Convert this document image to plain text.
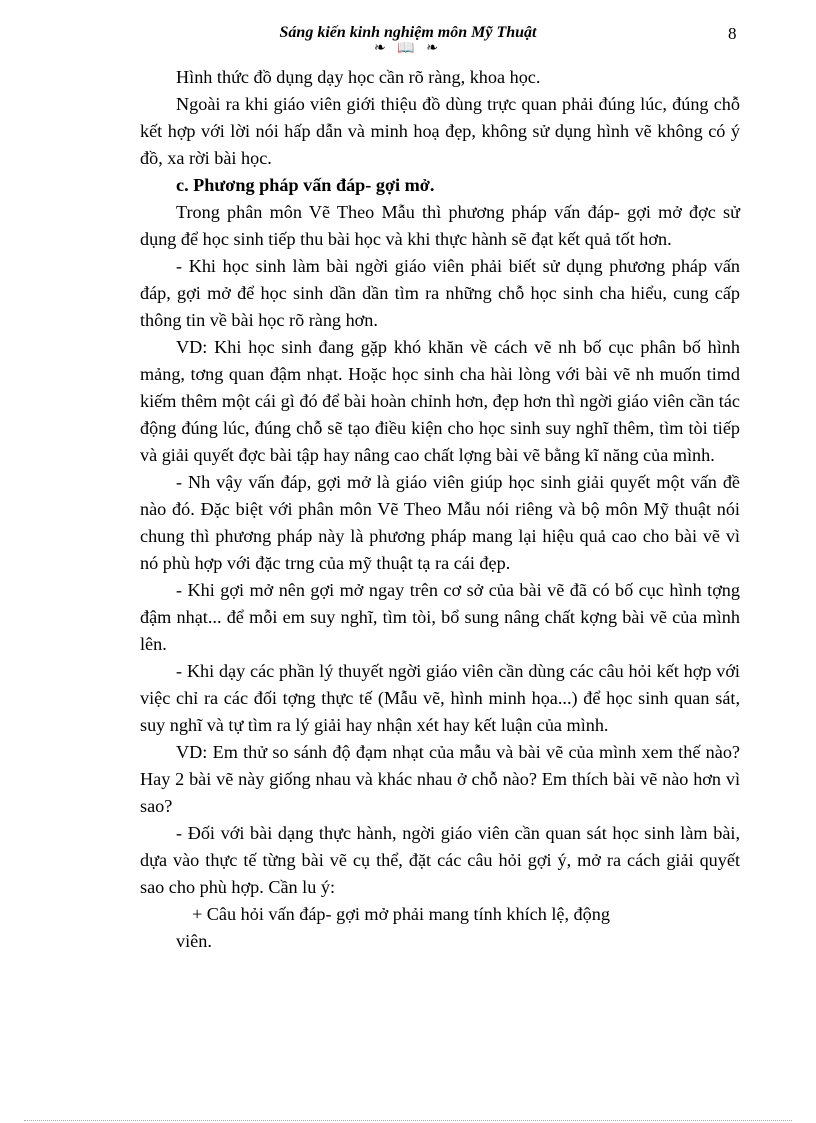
Sáng kiến kinh nghiệm môn Mỹ Thuật	8
❧ 📖 ❧

Hình thức đồ dụng dạy học cần rõ ràng, khoa học.

Ngoài ra khi giáo viên giới thiệu đồ dùng trực quan phải đúng lúc, đúng chỗ kết hợp với lời nói hấp dẫn và minh hoạ đẹp, không sử dụng hình vẽ không có ý đồ, xa rời bài học.

c. Phương pháp vấn đáp- gợi mở.

Trong phân môn Vẽ Theo Mẫu thì phương pháp vấn đáp- gợi mở đợc sử dụng để học sinh tiếp thu bài học và khi thực hành sẽ đạt kết quả tốt hơn.

- Khi học sinh làm bài ngời giáo viên phải biết sử dụng phương pháp vấn đáp, gợi mở để học sinh dần dần tìm ra những chỗ học sinh cha hiểu, cung cấp thông tin về bài học rõ ràng hơn.

VD: Khi học sinh đang gặp khó khăn về cách vẽ nh bố cục phân bố hình mảng, tơng quan đậm nhạt. Hoặc học sinh cha hài lòng với bài vẽ nh muốn timd kiếm thêm một cái gì đó để bài hoàn chỉnh hơn, đẹp hơn thì ngời giáo viên cần tác động đúng lúc, đúng chỗ sẽ tạo điều kiện cho học sinh suy nghĩ thêm, tìm tòi tiếp và giải quyết đợc bài tập hay nâng cao chất lợng bài vẽ bằng kĩ năng của mình.

- Nh vậy vấn đáp, gợi mở là giáo viên giúp học sinh giải quyết một vấn đề nào đó. Đặc biệt với phân môn Vẽ Theo Mẫu nói riêng và bộ môn Mỹ thuật nói chung thì phương pháp này là phương pháp mang lại hiệu quả cao cho bài vẽ vì nó phù hợp với đặc trng của mỹ thuật tạ ra cái đẹp.

- Khi gợi mở nên gợi mở ngay trên cơ sở của bài vẽ đã có bố cục hình tợng đậm nhạt... để mỗi em suy nghĩ, tìm tòi, bổ sung nâng chất kợng bài vẽ của mình lên.

- Khi dạy các phần lý thuyết ngời giáo viên cần dùng các câu hỏi kết hợp với việc chỉ ra các đối tợng thực tế (Mẫu vẽ, hình minh họa...) để học sinh quan sát, suy nghĩ và tự tìm ra lý giải hay nhận xét hay kết luận của mình.

VD: Em thử so sánh độ đạm nhạt của mẫu và bài vẽ của mình xem thế nào? Hay 2 bài vẽ này giống nhau và khác nhau ở chỗ nào? Em thích bài vẽ nào hơn vì sao?

- Đối với bài dạng thực hành, ngời giáo viên cần quan sát học sinh làm bài, dựa vào thực tế từng bài vẽ cụ thể, đặt các câu hỏi gợi ý, mở ra cách giải quyết sao cho phù hợp. Cần lu ý:

+ Câu hỏi vấn đáp- gợi mở phải mang tính khích lệ, động

viên.
